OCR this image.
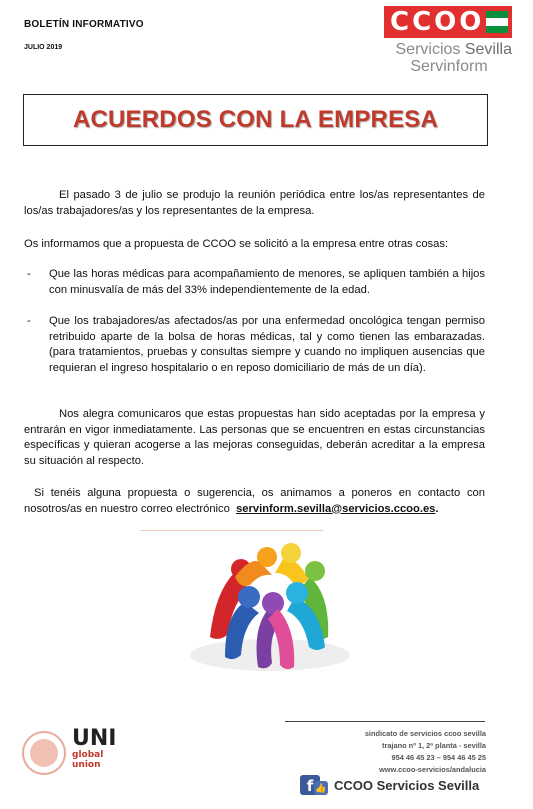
BOLETÍN INFORMATIVO
JULIO 2019
CCOO
Servicios Sevilla
Servinform
ACUERDOS CON LA EMPRESA
El pasado 3 de julio se produjo la reunión periódica entre los/as representantes de los/as trabajadores/as y los representantes de la empresa.
Os informamos que a propuesta de CCOO se solicitó a la empresa entre otras cosas:
-	Que las horas médicas para acompañamiento de menores, se apliquen también a hijos con minusvalía de más del 33% independientemente de la edad.
-	Que los trabajadores/as afectados/as por una enfermedad oncológica tengan permiso retribuido aparte de la bolsa de horas médicas, tal y como tienen las embarazadas. (para tratamientos, pruebas y consultas siempre y cuando no impliquen ausencias que requieran el ingreso hospitalario o en reposo domiciliario de más de un día).
Nos alegra comunicaros que estas propuestas han sido aceptadas por la empresa y entrarán en vigor inmediatamente. Las personas que se encuentren en estas circunstancias específicas y quieran acogerse a las mejoras conseguidas, deberán acreditar a la empresa su situación al respecto.
Si tenéis alguna propuesta o sugerencia, os animamos a poneros en contacto con nosotros/as en nuestro correo electrónico servinform.sevilla@servicios.ccoo.es.
UNI
global
union
sindicato de servicios ccoo sevilla
trajano nº 1, 2ª planta - sevilla
954 46 45 23 – 954 46 45 25
www.ccoo-servicios/andalucia
f 👍 CCOO Servicios Sevilla
